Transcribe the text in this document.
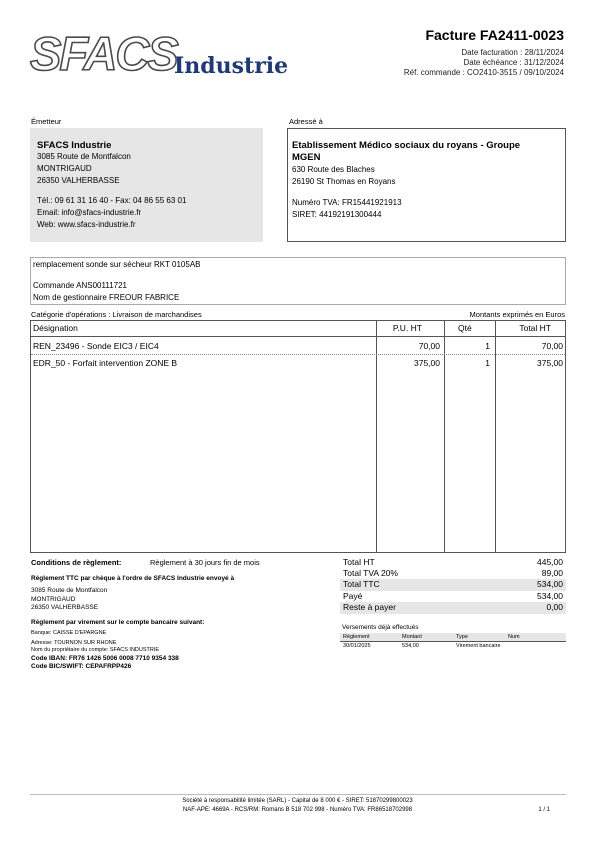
SFACS
Industrie
Facture FA2411-0023
Date facturation : 28/11/2024
Date échéance : 31/12/2024
Réf. commande : CO2410-3515 / 09/10/2024
Émetteur
SFACS Industrie
3085 Route de Montfalcon
MONTRIGAUD
26350 VALHERBASSE
Tél.: 09 61 31 16 40 - Fax: 04 86 55 63 01
Email: info@sfacs-industrie.fr
Web: www.sfacs-industrie.fr
Adressé à
Etablissement Médico sociaux du royans - Groupe
MGEN
630 Route des Blaches
26190 St Thomas en Royans
Numéro TVA: FR15441921913
SIRET: 44192191300444
remplacement sonde sur sécheur RKT 0105AB
Commande ANS00111721
Nom de gestionnaire FREOUR FABRICE
Catégorie d'opérations : Livraison de marchandises	Montants exprimés en Euros
Désignation	P.U. HT	Qté	Total HT
REN_23496 - Sonde EIC3 / EIC4	70,00	1	70,00
EDR_50 - Forfait intervention ZONE B	375,00	1	375,00
Conditions de règlement:	Règlement à 30 jours fin de mois
Règlement TTC par chèque à l'ordre de SFACS Industrie envoyé à
3085 Route de Montfalcon
MONTRIGAUD
26350 VALHERBASSE
Règlement par virement sur le compte bancaire suivant:
Banque: CAISSE D'EPARGNE
Adresse: TOURNON SUR RHONE
Nom du propriétaire du compte: SFACS INDUSTRIE
Code IBAN: FR76 1426 5006 0008 7710 9354 338
Code BIC/SWIFT: CEPAFRPP426
Total HT	445,00
Total TVA 20%	89,00
Total TTC	534,00
Payé	534,00
Reste à payer	0,00
Versements déjà effectués
Règlement	Montant	Type	Num
30/01/2025	534,00	Virement bancaire
Société à responsabilité limitée (SARL) - Capital de 8 000 € - SIRET: 51870299800023
NAF-APE: 4669A - RCS/RM: Romans B 518 702 998 - Numéro TVA: FR86518702998	1 / 1
